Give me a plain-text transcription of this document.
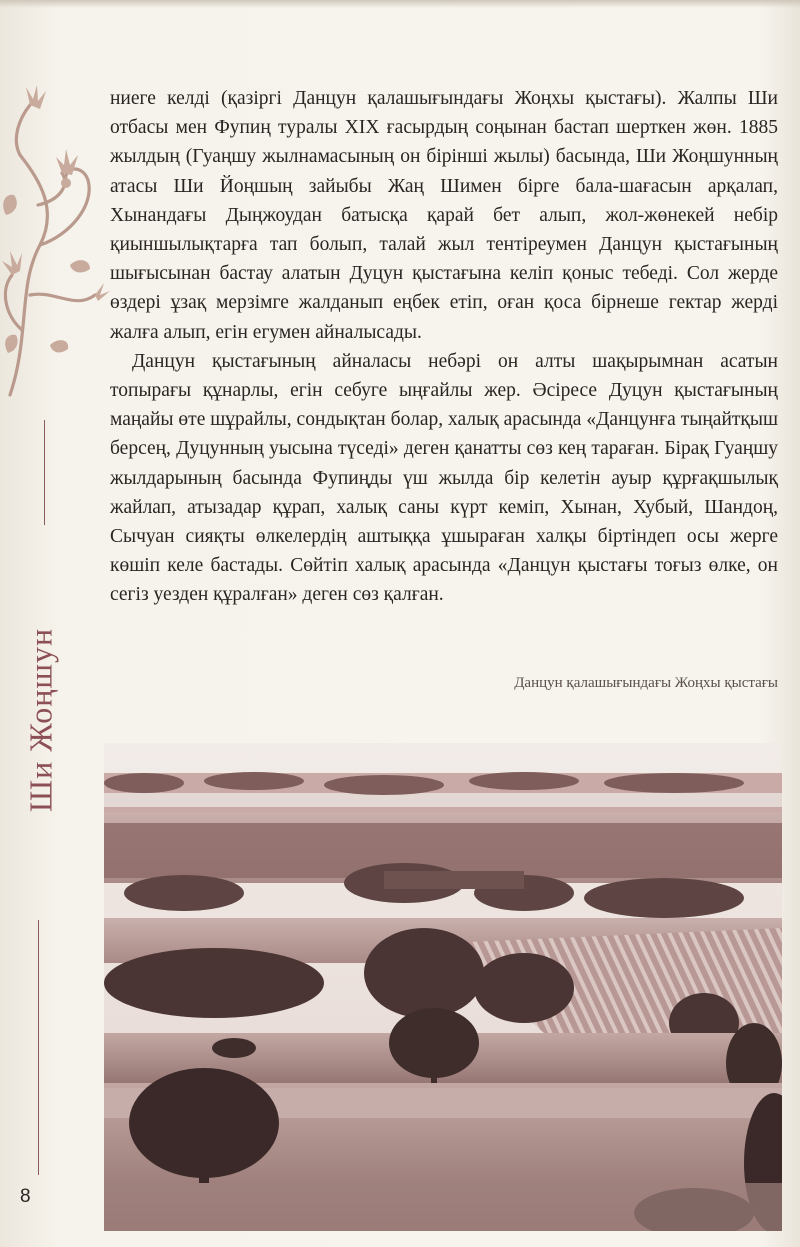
Ши Жоңшун

ниеге келді (қазіргі Данцун қалашығындағы Жоңхы қыстағы). Жалпы Ши отбасы мен Фупиң туралы XIX ғасырдың соңынан бастап шерткен жөн. 1885 жылдың (Гуаңшу жылнамасының он бірінші жылы) басында, Ши Жоңшунның атасы Ши Йоңшың зайыбы Жаң Шимен бірге бала-шағасын арқалап, Хынандағы Дыңжоудан батысқа қарай бет алып, жол-жөнекей небір қиыншылықтарға тап болып, талай жыл тентіреумен Данцун қыстағының шығысынан бастау алатын Дуцун қыстағына келіп қоныс тебеді. Сол жерде өздері ұзақ мерзімге жалданып еңбек етіп, оған қоса бірнеше гектар жерді жалға алып, егін егумен айналысады.

Данцун қыстағының айналасы небәрі он алты шақырымнан асатын топырағы құнарлы, егін себуге ыңғайлы жер. Әсіресе Дуцун қыстағының маңайы өте шұрайлы, сондықтан болар, халық арасында «Данцунға тыңайтқыш берсең, Дуцунның уысына түседі» деген қанатты сөз кең тараған. Бірақ Гуаңшу жылдарының басында Фупиңды үш жылда бір келетін ауыр құрғақшылық жайлап, атызадар құрап, халық саны күрт кеміп, Хынан, Хубый, Шандоң, Сычуан сияқты өлкелердің аштыққа ұшыраған халқы біртіндеп осы жерге көшіп келе бастады. Сөйтіп халық арасында «Данцун қыстағы тоғыз өлке, он сегіз уезден құралған» деген сөз қалған.

Данцун қалашығындағы Жоңхы қыстағы
8
